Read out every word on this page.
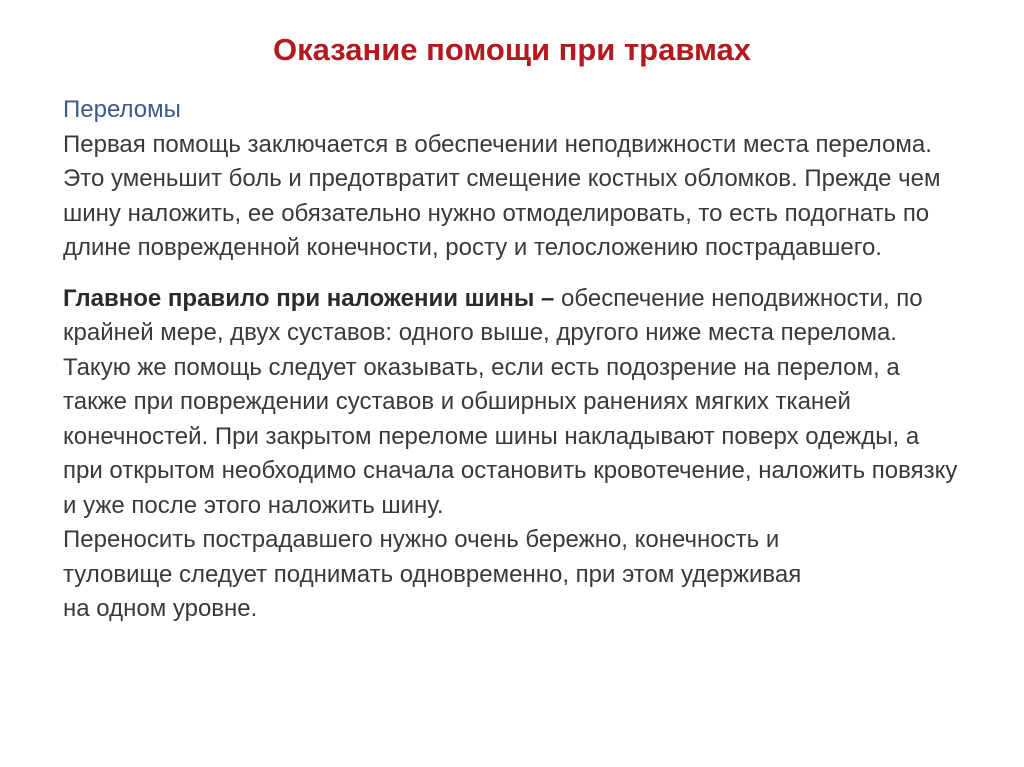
Оказание помощи при травмах

Переломы
Первая помощь заключается в обеспечении неподвижности места перелома. Это уменьшит боль и предотвратит смещение костных обломков. Прежде чем шину наложить, ее обязательно нужно отмоделировать, то есть подогнать по длине поврежденной конечности, росту и телосложению пострадавшего.

Главное правило при наложении шины – обеспечение неподвижности, по крайней мере, двух суставов: одного выше, другого ниже места перелома. Такую же помощь следует оказывать, если есть подозрение на перелом, а также при повреждении суставов и обширных ранениях мягких тканей конечностей. При закрытом переломе шины накладывают поверх одежды, а при открытом необходимо сначала остановить кровотечение, наложить повязку и уже после этого наложить шину.
Переносить пострадавшего нужно очень бережно, конечность и
туловище следует поднимать одновременно, при этом удерживая
на одном уровне.
